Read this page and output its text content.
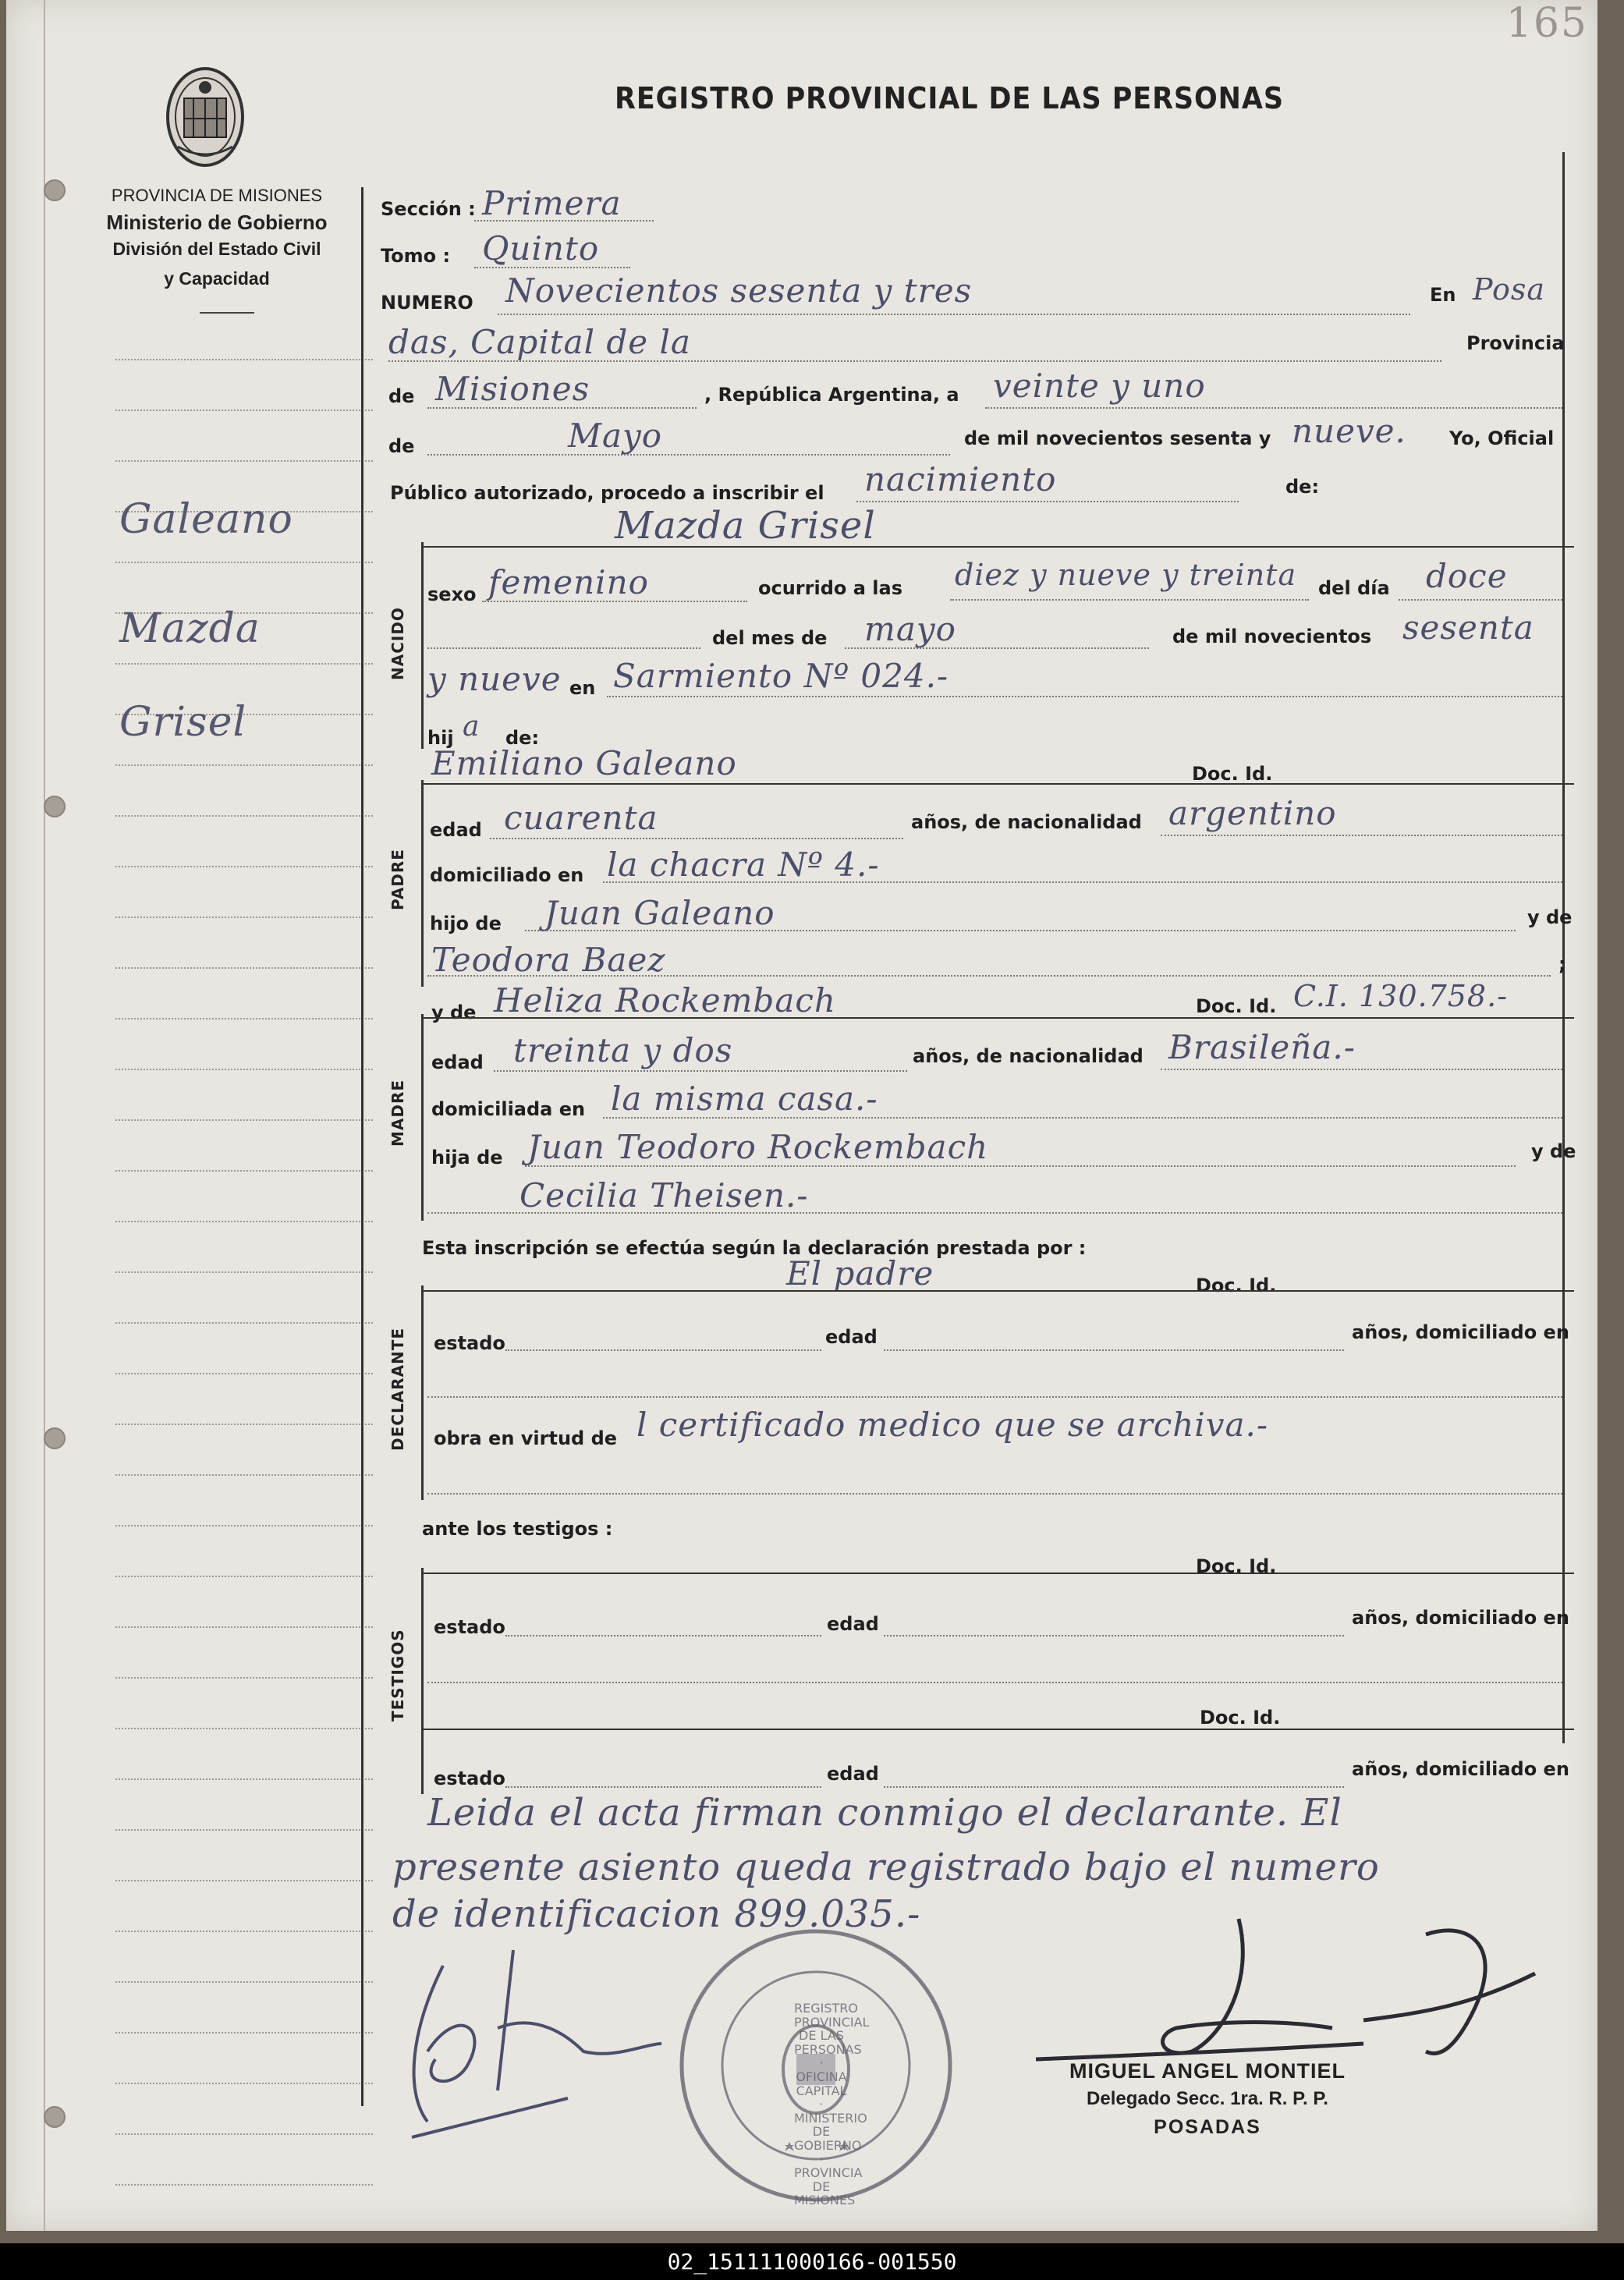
165
REGISTRO PROVINCIAL DE LAS PERSONAS
PROVINCIA DE MISIONES
Ministerio de Gobierno
División del Estado Civil
y Capacidad
Galeano
Mazda
Grisel
Sección : Primera
Tomo : Quinto
NUMERO Novecientos sesenta y tres	En Posa
das, Capital de la	Provincia
de Misiones	, República Argentina, a veinte y uno
de	Mayo	de mil novecientos sesenta y nueve. Yo, Oficial
Público autorizado, procedo a inscribir el nacimiento	de:
NACIDO
Mazda Grisel
sexo femenino	ocurrido a las diez y nueve y treinta del día doce
del mes de mayo	de mil novecientos sesenta
y nueve en Sarmiento Nº 024.-
hij a de:
PADRE
Emiliano Galeano	Doc. Id.
edad cuarenta	años, de nacionalidad argentino
domiciliado en la chacra Nº 4.-
hijo de Juan Galeano	y de
Teodora Baez	;
MADRE
y de Heliza Rockembach	Doc. Id. C.I. 130.758.-
edad treinta y dos	años, de nacionalidad Brasileña.-
domiciliada en la misma casa.-
hija de Juan Teodoro Rockembach	y de
Cecilia Theisen.-
Esta inscripción se efectúa según la declaración prestada por :
DECLARANTE
El padre	Doc. Id.
estado	edad	años, domiciliado en
obra en virtud de l certificado medico que se archiva.-
ante los testigos :
TESTIGOS
Doc. Id.
estado	edad	años, domiciliado en
Doc. Id.
estado	edad	años, domiciliado en
Leida el acta firman conmigo el declarante. El
presente asiento queda registrado bajo el numero
de identificacion 899.035.-
REGISTRO PROVINCIAL DE LAS PERSONAS · OFICINA CAPITAL · MINISTERIO DE GOBIERNO · PROVINCIA DE MISIONES
MIGUEL ANGEL MONTIEL
Delegado Secc. 1ra. R. P. P.
POSADAS
02_151111000166-001550
